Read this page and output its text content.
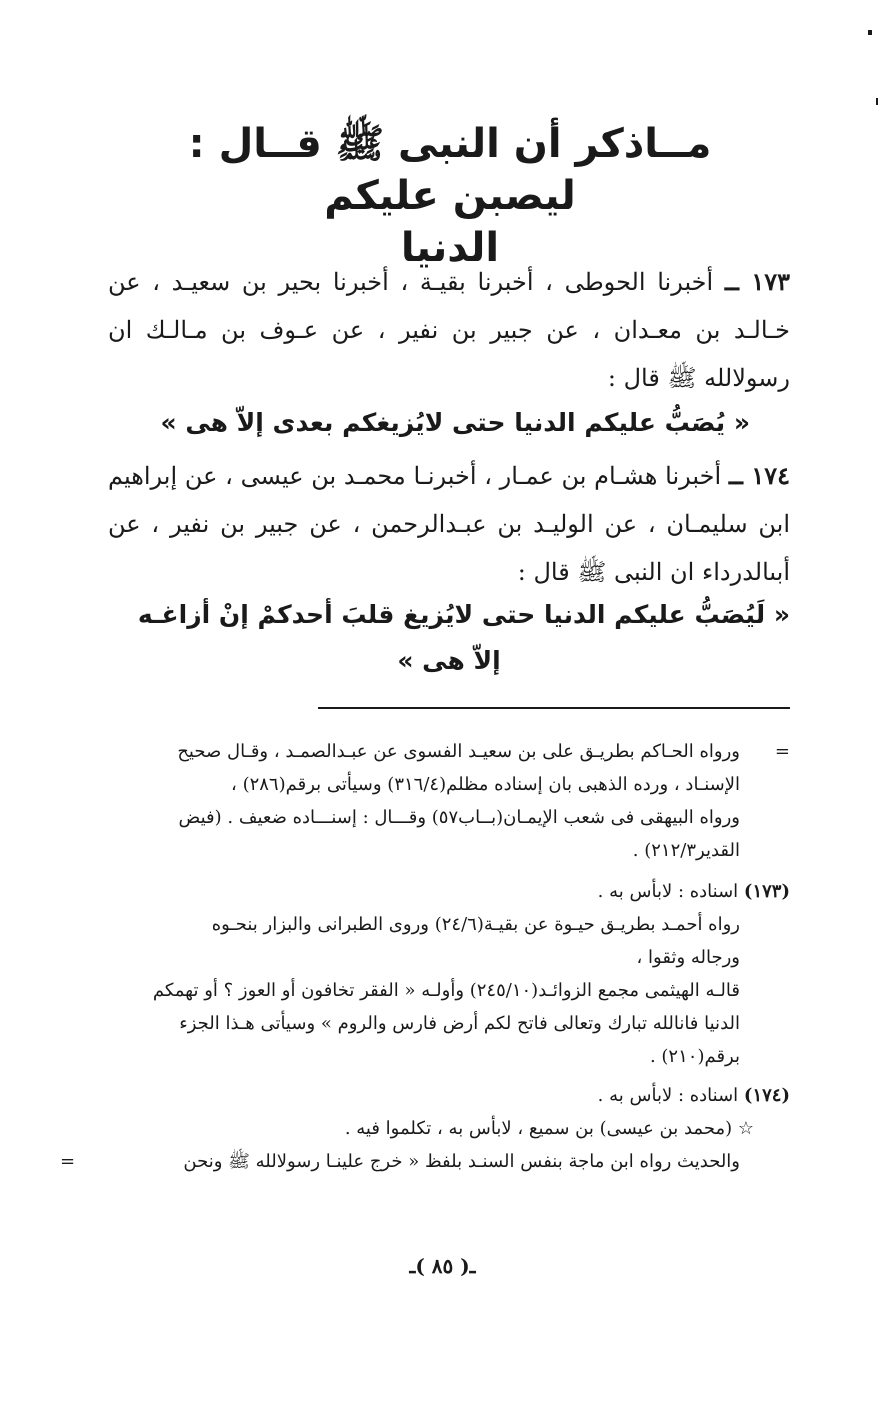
مــاذكر أن النبى ﷺ قــال : ليصبن عليكم
الدنيا
١٧٣ ــ أخبرنا الحوطى ، أخبرنا بقيـة ، أخبرنا بحير بن سعيـد ، عن
خـالـد بن معـدان ، عن جبير بن نفير ، عن عـوف بن مـالـك ان
رسولالله ﷺ قال :
« يُصَبُّ عليكم الدنيا حتى لايُزيغكم بعدى إلاّ هى »
١٧٤ ــ أخبرنا هشـام بن عمـار ، أخبرنـا محمـد بن عيسى ، عن إبراهيم
ابن سليمـان ، عن الوليـد بن عبـدالرحمن ، عن جبير بن نفير ، عن
أبىالدرداء ان النبى ﷺ قال :
« لَيُصَبُّ عليكم الدنيا حتى لايُزيغ قلبَ أحدكمْ إنْ أزاغـه
إلاّ هى »
=
ورواه الحـاكم بطريـق على بن سعيـد الفسوى عن عبـدالصمـد ، وقـال صحيح
الإسنـاد ، ورده الذهبى بان إسناده مظلم(٣١٦/٤) وسيأتى برقم(٢٨٦) ،
ورواه البيهقى فى شعب الإيمـان(بــاب٥٧) وقـــال : إسنـــاده ضعيف . (فيض
القدير٢١٢/٣) .
(١٧٣) اسناده : لابأس به .
رواه أحمـد بطريـق حيـوة عن بقيـة(٢٤/٦) وروى الطبرانى والبزار بنحـوه
ورجاله وثقوا ،
قالـه الهيثمى مجمع الزوائـد(٢٤٥/١٠) وأولـه « الفقر تخافون أو العوز ؟ أو تهمكم
الدنيا فانالله تبارك وتعالى فاتح لكم أرض فارس والروم » وسيأتى هـذا الجزء
برقم(٢١٠) .
(١٧٤) اسناده : لابأس به .
☆ (محمد بن عيسى) بن سميع ، لابأس به ، تكلموا فيه .
والحديث رواه ابن ماجة بنفس السنـد بلفظ « خرج علينـا رسولالله ﷺ ونحن
=
ـ( ٨٥ )ـ
